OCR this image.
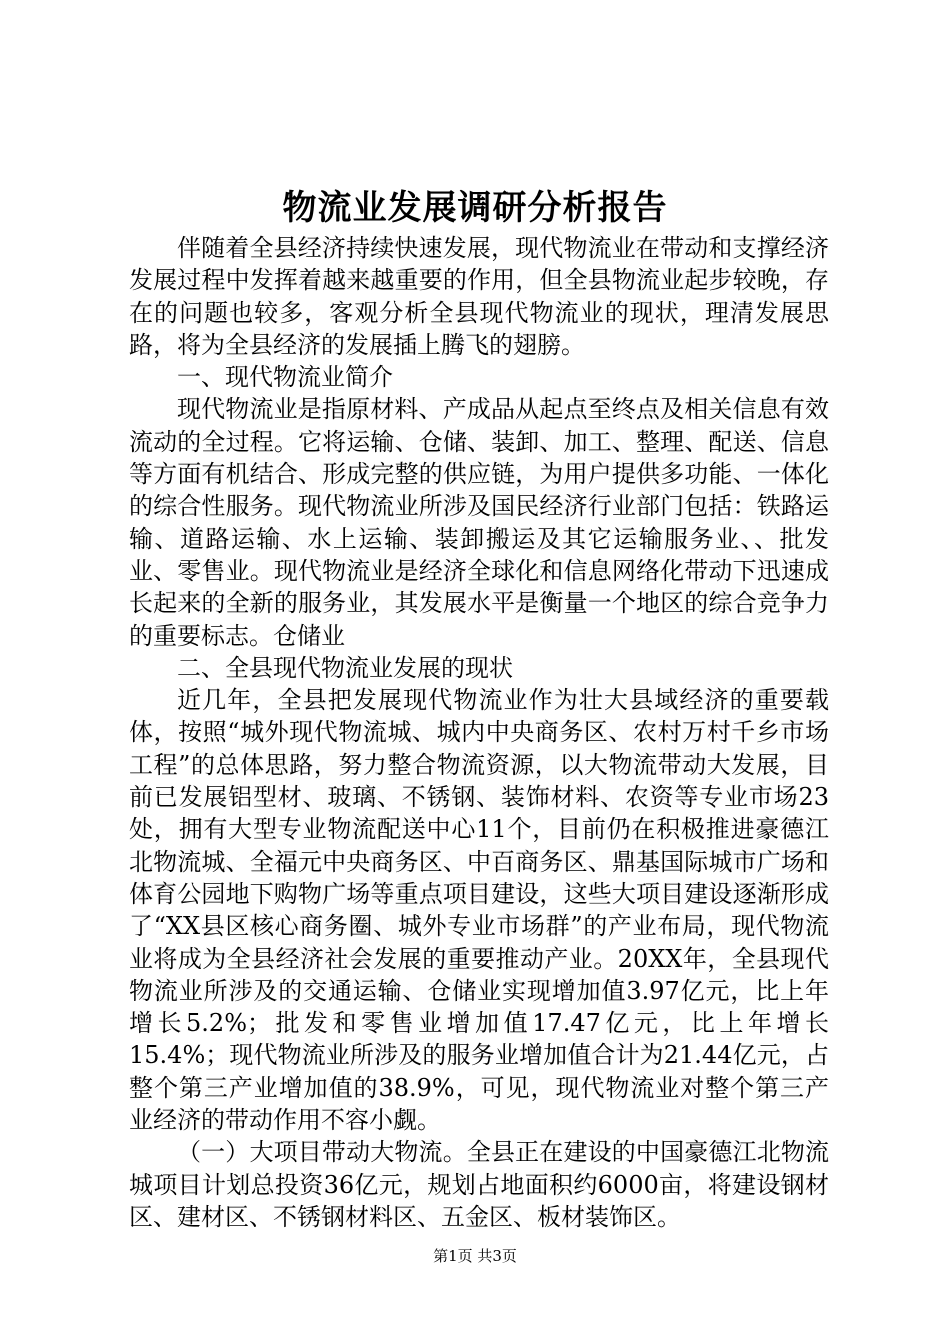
物流业发展调研分析报告

伴随着全县经济持续快速发展，现代物流业在带动和支撑经济发展过程中发挥着越来越重要的作用，但全县物流业起步较晚，存在的问题也较多，客观分析全县现代物流业的现状，理清发展思路，将为全县经济的发展插上腾飞的翅膀。

一、现代物流业简介

现代物流业是指原材料、产成品从起点至终点及相关信息有效流动的全过程。它将运输、仓储、装卸、加工、整理、配送、信息等方面有机结合、形成完整的供应链，为用户提供多功能、一体化的综合性服务。现代物流业所涉及国民经济行业部门包括：铁路运输、道路运输、水上运输、装卸搬运及其它运输服务业、、批发业、零售业。现代物流业是经济全球化和信息网络化带动下迅速成长起来的全新的服务业，其发展水平是衡量一个地区的综合竞争力的重要标志。仓储业

二、全县现代物流业发展的现状

近几年，全县把发展现代物流业作为壮大县域经济的重要载体，按照“城外现代物流城、城内中央商务区、农村万村千乡市场工程”的总体思路，努力整合物流资源，以大物流带动大发展，目前已发展铝型材、玻璃、不锈钢、装饰材料、农资等专业市场23处，拥有大型专业物流配送中心11个，目前仍在积极推进豪德江北物流城、全福元中央商务区、中百商务区、鼎基国际城市广场和体育公园地下购物广场等重点项目建设，这些大项目建设逐渐形成了“XX县区核心商务圈、城外专业市场群”的产业布局，现代物流业将成为全县经济社会发展的重要推动产业。20XX年，全县现代物流业所涉及的交通运输、仓储业实现增加值3.97亿元，比上年增长5.2%；批发和零售业增加值17.47亿元，比上年增长15.4%；现代物流业所涉及的服务业增加值合计为21.44亿元，占整个第三产业增加值的38.9%，可见，现代物流业对整个第三产业经济的带动作用不容小觑。

（一）大项目带动大物流。全县正在建设的中国豪德江北物流城项目计划总投资36亿元，规划占地面积约6000亩，将建设钢材区、建材区、不锈钢材料区、五金区、板材装饰区。

第1页 共3页
